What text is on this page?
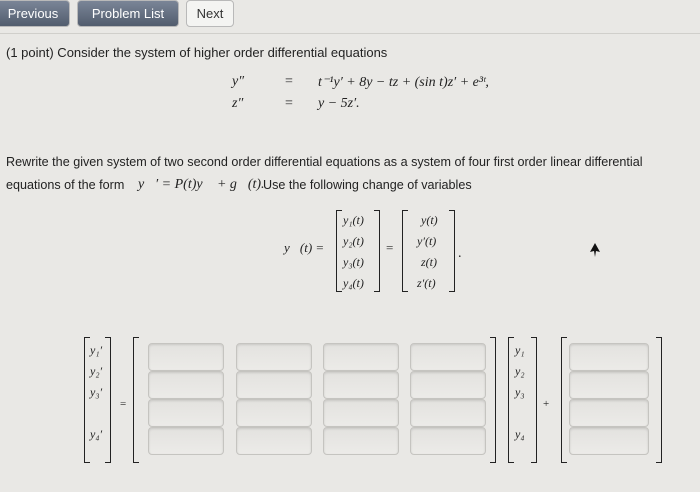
Previous	Problem List	Next
(1 point) Consider the system of higher order differential equations
y″	= t⁻¹y′ + 8y − tz + (sin t)z′ + e³ᵗ,
z″	= y − 5z′.
Rewrite the given system of two second order differential equations as a system of four first order linear differential
equations of the form y⃗′ = P(t)y⃗ + g⃗(t).
Use the following change of variables
y⃗(t) =
y₁(t)
y₂(t)
y₃(t)
y₄(t)
=
y(t)
y′(t)
z(t)
z′(t)
.
y₁′
y₂′
y₃′
y₄′
=
y₁
y₂
y₃
y₄
+
